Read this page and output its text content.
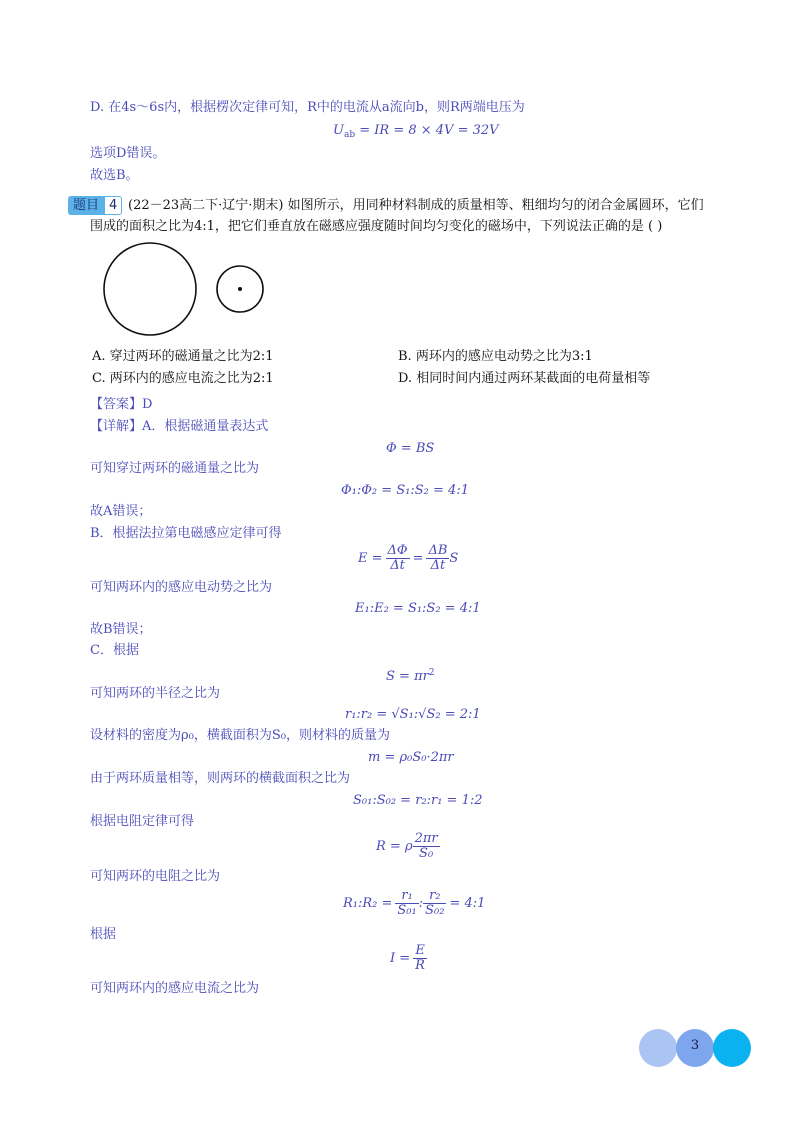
D. 在4s～6s内，根据楞次定律可知，R中的电流从a流向b，则R两端电压为
$U_{ab}$ = IR = 8 × 4V = 32V
选项D错误。
故选B。
题目 4 (22－23高二下·辽宁·期末) 如图所示，用同种材料制成的质量相等、粗细均匀的闭合金属圆环，它们
围成的面积之比为4:1，把它们垂直放在磁感应强度随时间均匀变化的磁场中，下列说法正确的是 ( )
A. 穿过两环的磁通量之比为2:1	B. 两环内的感应电动势之比为3:1
C. 两环内的感应电流之比为2:1	D. 相同时间内通过两环某截面的电荷量相等
【答案】D
【详解】A．根据磁通量表达式
Φ = BS
可知穿过两环的磁通量之比为
Φ₁:Φ₂ = S₁:S₂ = 4:1
故A错误；
B．根据法拉第电磁感应定律可得
$E = \frac{\Delta\Phi}{\Delta t} = \frac{\Delta B}{\Delta t}$ S
可知两环内的感应电动势之比为
E₁:E₂ = S₁:S₂ = 4:1
故B错误；
C．根据
$S = \pi r^2$
可知两环的半径之比为
r₁:r₂ = √S₁:√S₂ = 2:1
设材料的密度为ρ₀，横截面积为S₀，则材料的质量为
m = ρ₀S₀·2πr
由于两环质量相等，则两环的横截面积之比为
S₀₁:S₀₂ = r₂:r₁ = 1:2
根据电阻定律可得
R = ρ $\frac{2\pi r}{\text{S₀}}$
可知两环的电阻之比为
R₁:R₂ = $\frac{\text{r₁}}{\text{S₀₁}}$ : $\frac{\text{r₂}}{\text{S₀₂}}$ = 4:1
根据
$I = \frac{E}{R}$
可知两环内的感应电流之比为
3
